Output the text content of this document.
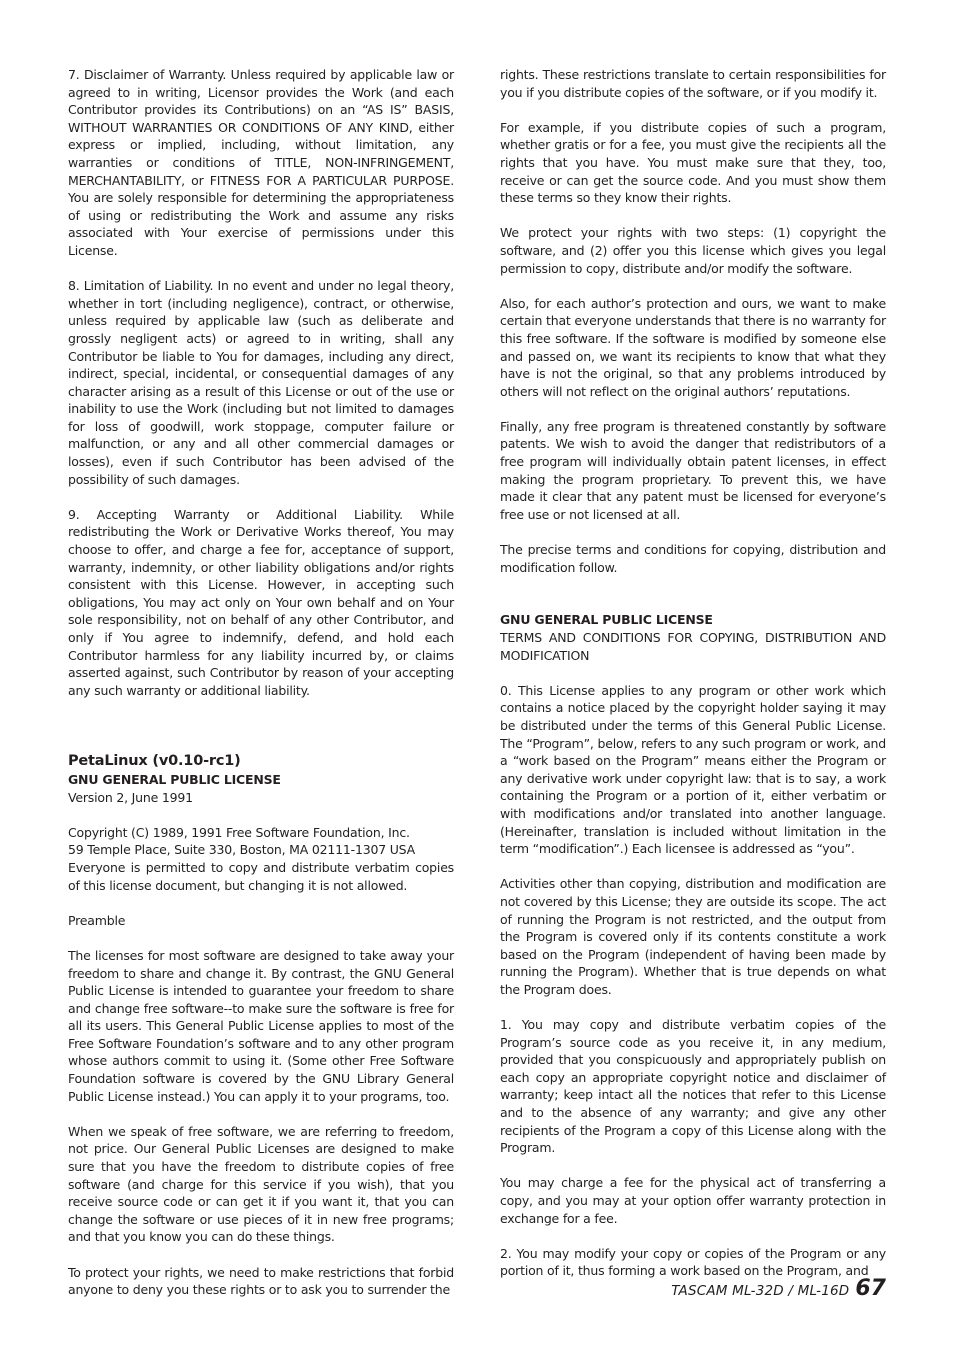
7. Disclaimer of Warranty. Unless required by applicable law or agreed to in writing, Licensor provides the Work (and each Contributor provides its Contributions) on an “AS IS” BASIS, WITHOUT WARRANTIES OR CONDITIONS OF ANY KIND, either express or implied, including, without limitation, any warranties or conditions of TITLE, NON-INFRINGEMENT, MERCHANTABILITY, or FITNESS FOR A PARTICULAR PURPOSE. You are solely responsible for determining the appropriateness of using or redistributing the Work and assume any risks associated with Your exercise of permissions under this License.

8. Limitation of Liability. In no event and under no legal theory, whether in tort (including negligence), contract, or otherwise, unless required by applicable law (such as deliberate and grossly negligent acts) or agreed to in writing, shall any Contributor be liable to You for damages, including any direct, indirect, special, incidental, or consequential damages of any character arising as a result of this License or out of the use or inability to use the Work (including but not limited to damages for loss of goodwill, work stoppage, computer failure or malfunction, or any and all other commercial damages or losses), even if such Contributor has been advised of the possibility of such damages.

9. Accepting Warranty or Additional Liability. While redistributing the Work or Derivative Works thereof, You may choose to offer, and charge a fee for, acceptance of support, warranty, indemnity, or other liability obligations and/or rights consistent with this License. However, in accepting such obligations, You may act only on Your own behalf and on Your sole responsibility, not on behalf of any other Contributor, and only if You agree to indemnify, defend, and hold each Contributor harmless for any liability incurred by, or claims asserted against, such Contributor by reason of your accepting any such warranty or additional liability.

PetaLinux (v0.10-rc1)
GNU GENERAL PUBLIC LICENSE

Version 2, June 1991

Copyright (C) 1989, 1991 Free Software Foundation, Inc.

59 Temple Place, Suite 330, Boston, MA 02111-1307 USA

Everyone is permitted to copy and distribute verbatim copies of this license document, but changing it is not allowed.

Preamble

The licenses for most software are designed to take away your freedom to share and change it. By contrast, the GNU General Public License is intended to guarantee your freedom to share and change free software--to make sure the software is free for all its users. This General Public License applies to most of the Free Software Foundation’s software and to any other program whose authors commit to using it. (Some other Free Software Foundation software is covered by the GNU Library General Public License instead.) You can apply it to your programs, too.

When we speak of free software, we are referring to freedom, not price. Our General Public Licenses are designed to make sure that you have the freedom to distribute copies of free software (and charge for this service if you wish), that you receive source code or can get it if you want it, that you can change the software or use pieces of it in new free programs; and that you know you can do these things.

To protect your rights, we need to make restrictions that forbid anyone to deny you these rights or to ask you to surrender the

rights. These restrictions translate to certain responsibilities for you if you distribute copies of the software, or if you modify it.

For example, if you distribute copies of such a program, whether gratis or for a fee, you must give the recipients all the rights that you have. You must make sure that they, too, receive or can get the source code. And you must show them these terms so they know their rights.

We protect your rights with two steps: (1) copyright the software, and (2) offer you this license which gives you legal permission to copy, distribute and/or modify the software.

Also, for each author’s protection and ours, we want to make certain that everyone understands that there is no warranty for this free software. If the software is modified by someone else and passed on, we want its recipients to know that what they have is not the original, so that any problems introduced by others will not reflect on the original authors’ reputations.

Finally, any free program is threatened constantly by software patents. We wish to avoid the danger that redistributors of a free program will individually obtain patent licenses, in effect making the program proprietary. To prevent this, we have made it clear that any patent must be licensed for everyone’s free use or not licensed at all.

The precise terms and conditions for copying, distribution and modification follow.

GNU GENERAL PUBLIC LICENSE

TERMS AND CONDITIONS FOR COPYING, DISTRIBUTION AND MODIFICATION

0. This License applies to any program or other work which contains a notice placed by the copyright holder saying it may be distributed under the terms of this General Public License. The “Program”, below, refers to any such program or work, and a “work based on the Program” means either the Program or any derivative work under copyright law: that is to say, a work containing the Program or a portion of it, either verbatim or with modifications and/or translated into another language. (Hereinafter, translation is included without limitation in the term “modification”.) Each licensee is addressed as “you”.

Activities other than copying, distribution and modification are not covered by this License; they are outside its scope. The act of running the Program is not restricted, and the output from the Program is covered only if its contents constitute a work based on the Program (independent of having been made by running the Program). Whether that is true depends on what the Program does.

1. You may copy and distribute verbatim copies of the Program’s source code as you receive it, in any medium, provided that you conspicuously and appropriately publish on each copy an appropriate copyright notice and disclaimer of warranty; keep intact all the notices that refer to this License and to the absence of any warranty; and give any other recipients of the Program a copy of this License along with the Program.

You may charge a fee for the physical act of transferring a copy, and you may at your option offer warranty protection in exchange for a fee.

2. You may modify your copy or copies of the Program or any portion of it, thus forming a work based on the Program, and

TASCAM ML-32D / ML-16D 67
